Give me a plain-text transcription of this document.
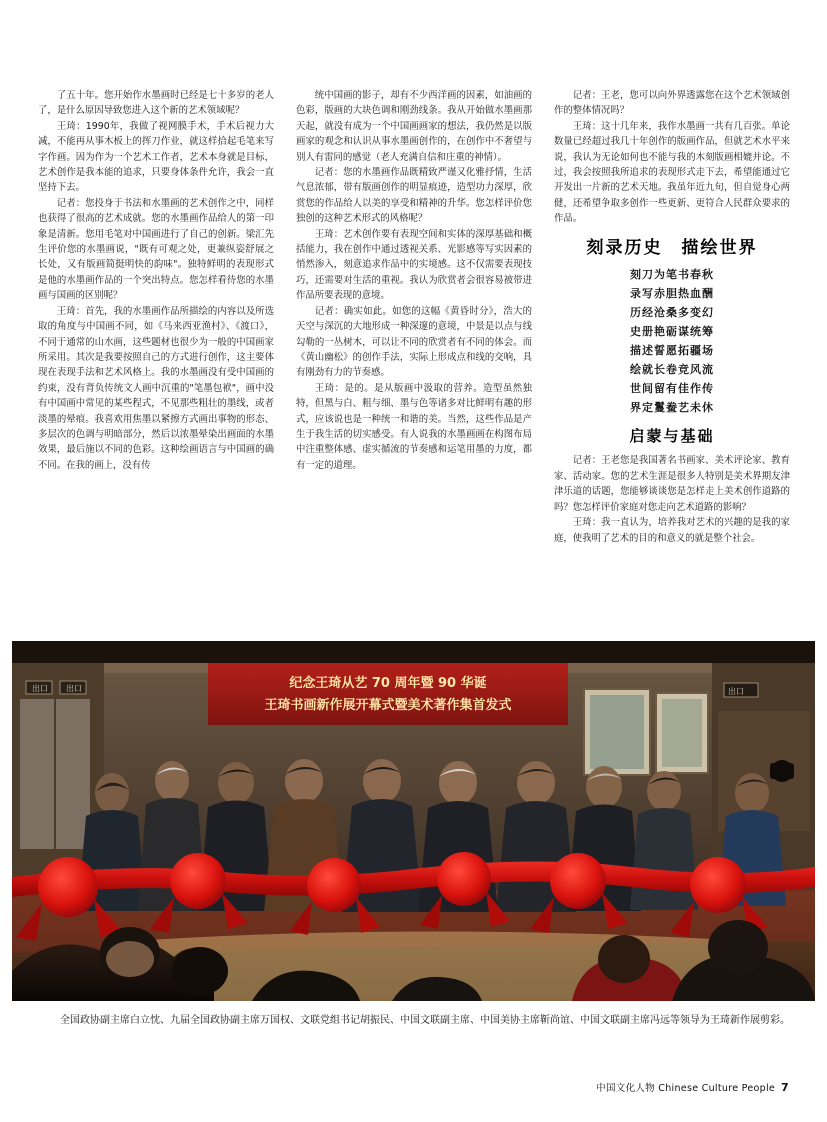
了五十年。您开始作水墨画时已经是七十多岁的老人了，是什么原因导致您进入这个新的艺术领域呢？

王琦：1990年，我做了视网膜手术，手术后视力大减，不能再从事木板上的挥刀作业，就这样拾起毛笔来写字作画。因为作为一个艺术工作者，艺术本身就是目标，艺术创作是我本能的追求，只要身体条件允许，我会一直坚持下去。

记者：您投身于书法和水墨画的艺术创作之中，同样也获得了很高的艺术成就。您的水墨画作品给人的第一印象是清新。您用毛笔对中国画进行了自己的创新。梁汇先生评价您的水墨画说，"既有可观之处，更兼纵姿舒展之长处，又有版画简挺明快的韵味"。独特鲜明的表现形式是他的水墨画作品的一个突出特点。您怎样看待您的水墨画与国画的区别呢？

王琦：首先，我的水墨画作品所描绘的内容以及所选取的角度与中国画不同，如《马来西亚渔村》、《渡口》，不同于通常的山水画，这些题材也很少为一般的中国画家所采用。其次是我要按照自己的方式进行创作，这主要体现在表现手法和艺术风格上。我的水墨画没有受中国画的约束，没有背负传统文人画中沉重的"笔墨包袱"，画中没有中国画中常见的某些程式，不见那些粗壮的墨线，或者淡墨的晕痕。我喜欢用焦墨以紧擦方式画出事物的形态、多层次的色调与明暗部分，然后以浓墨晕染出画面的水墨效果，最后施以不同的色彩。这种绘画语言与中国画的确不同。在我的画上，没有传

统中国画的影子，却有不少西洋画的因素，如油画的色彩，版画的大块色调和刚劲线条。我从开始做水墨画那天起，就没有成为一个中国画画家的想法，我仍然是以版画家的观念和认识从事水墨画创作的，在创作中不奢望与别人有雷同的感觉（老人充满自信和庄重的神情）。

记者：您的水墨画作品既精致严谨又化雅抒情，生活气息浓郁，带有版画创作的明显痕迹，造型功力深厚，欣赏您的作品给人以美的享受和精神的升华。您怎样评价您独创的这种艺术形式的风格呢？

王琦：艺术创作要有表现空间和实体的深厚基础和概括能力，我在创作中通过透视关系、光影感等写实因素的悄然渗入，刻意追求作品中的实境感。这不仅需要表现技巧，还需要对生活的重视。我认为欣赏者会很容易被带进作品所要表现的意境。

记者：确实如此。如您的这幅《黄昏时分》，浩大的天空与深沉的大地形成一种深邃的意境，中景是以点与线勾勒的一丛树木，可以让不同的欣赏者有不同的体会。而《黄山幽松》的创作手法，实际上形成点和线的交响，具有刚劲有力的节奏感。

王琦：是的。是从版画中汲取的营养。造型虽然独特，但黑与白、粗与细、墨与色等诸多对比鲜明有趣的形式，应该说也是一种统一和谐的美。当然，这些作品是产生于我生活的切实感受。有人说我的水墨画画在构图布局中注重整体感、虚实循流的节奏感和运笔用墨的力度，都有一定的道理。

记者：王老，您可以向外界透露您在这个艺术领域创作的整体情况吗？

王琦：这十几年来，我作水墨画一共有几百张。单论数量已经超过我几十年创作的版画作品，但就艺术水平来说，我认为无论如何也不能与我的木刻版画相媲并论。不过，我会按照我所追求的表现形式走下去，希望能通过它开发出一片新的艺术天地。我虽年近九旬，但自觉身心两健，还希望争取多创作一些更新、更符合人民群众要求的作品。

刻录历史　描绘世界
刻刀为笔书春秋
录写赤胆热血酬
历经沧桑多变幻
史册艳砺谋统筹
描述誓愿拓疆场
绘就长卷竞风流
世间留有佳作传
界定鬘鲞艺未休
启蒙与基础

记者：王老您是我国著名书画家、美术评论家、教育家、活动家。您的艺术生涯是很多人特别是美术界期友津津乐道的话题，您能够谈谈您是怎样走上美术创作道路的吗？您怎样评价家庭对您走向艺术道路的影响？

王琦：我一直认为，培养我对艺术的兴趣的是我的家庭，使我明了艺术的目的和意义的就是整个社会。

出口 出口	出口
纪念王琦从艺 70 周年暨 90 华诞
王琦书画新作展开幕式暨美术著作集首发式
全国政协副主席白立忱、九届全国政协副主席万国权、文联党组书记胡振民、中国文联副主席、中国美协主席靳尚谊、中国文联副主席冯远等领导为王琦新作展剪彩。
中国文化人物 Chinese Culture People 7
